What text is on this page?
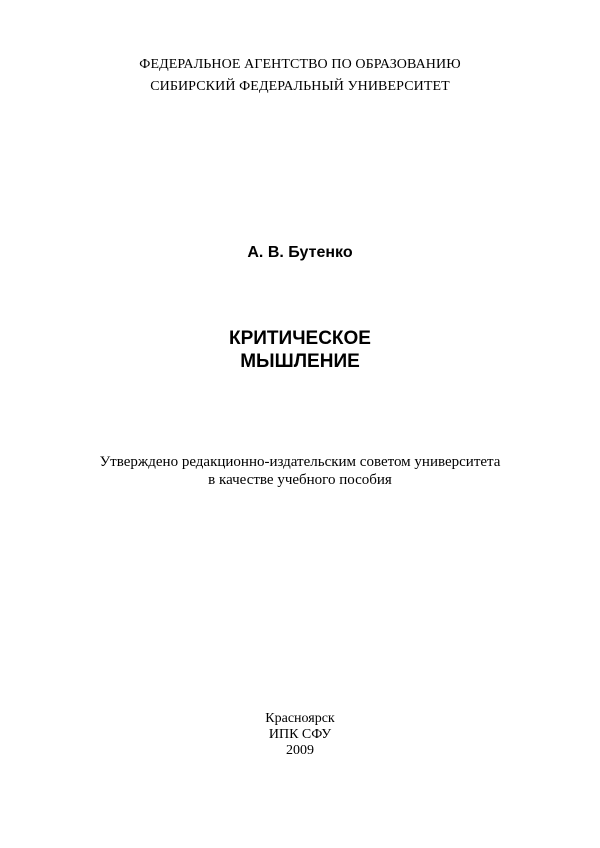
ФЕДЕРАЛЬНОЕ АГЕНТСТВО ПО ОБРАЗОВАНИЮ
СИБИРСКИЙ ФЕДЕРАЛЬНЫЙ УНИВЕРСИТЕТ
А. В. Бутенко
КРИТИЧЕСКОЕ
МЫШЛЕНИЕ
Утверждено редакционно-издательским советом университета
в качестве учебного пособия
Красноярск
ИПК СФУ
2009
